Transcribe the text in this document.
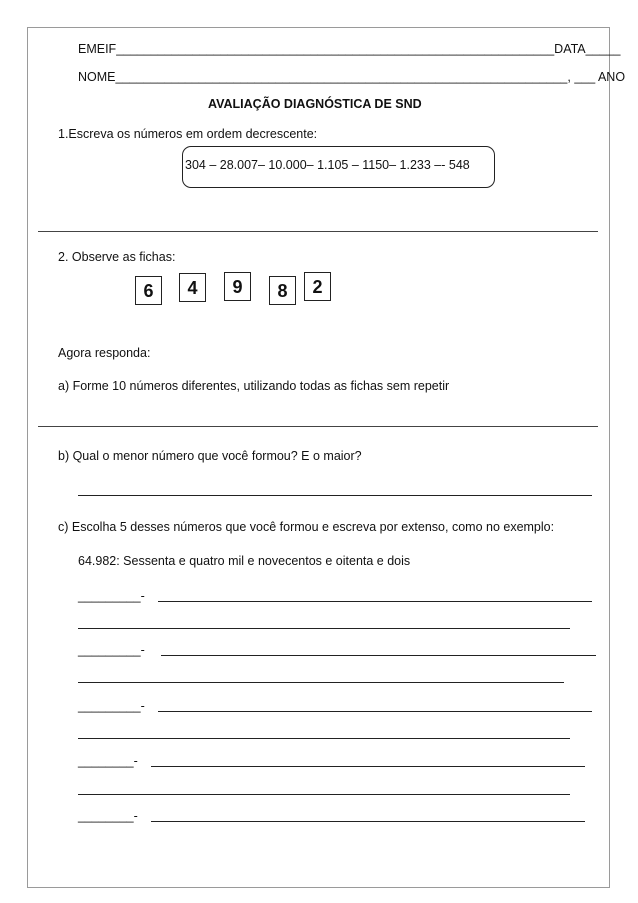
EMEIF_______________________________________________________________DATA_____
NOME_________________________________________________________________, ___ ANO
AVALIAÇÃO DIAGNÓSTICA DE SND
1.Escreva os números em ordem decrescente:
304 – 28.007– 10.000– 1.105 – 1150– 1.233 –- 548
2. Observe as fichas:
6	4	9	8	2
Agora responda:
a) Forme 10 números diferentes, utilizando todas as fichas sem repetir
b) Qual o menor número que você formou? E o maior?
c) Escolha 5 desses números que você formou e escreva por extenso, como no exemplo:
64.982: Sessenta e quatro mil e novecentos e oitenta e dois
_________-
_________-
_________-
________-
________-
